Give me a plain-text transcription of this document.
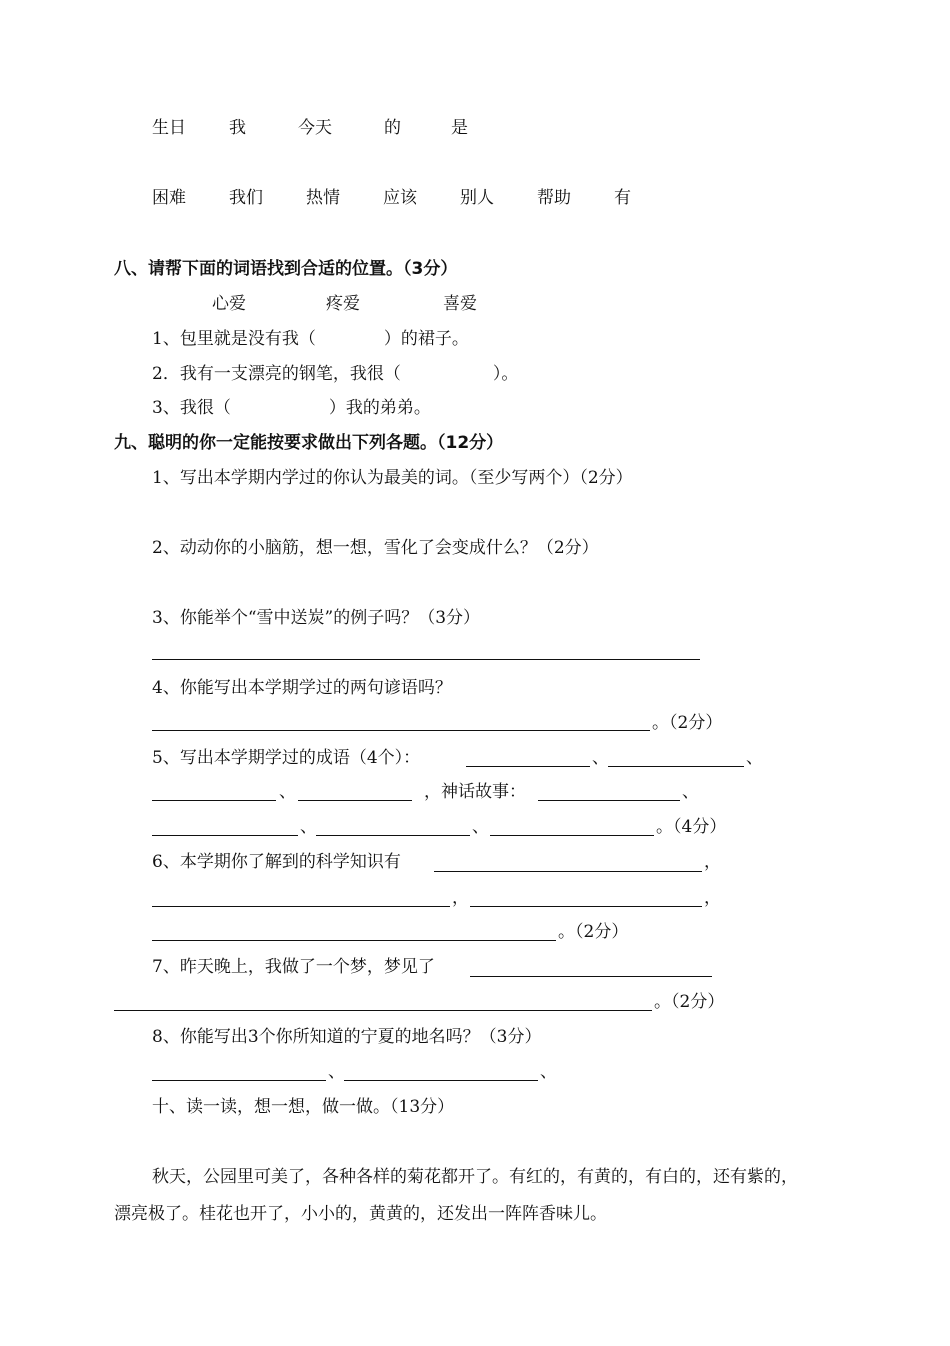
生日	我	今天	的	是
困难	我们	热情	应该	别人	帮助	有
八、请帮下面的词语找到合适的位置。（3分）
心爱	疼爱	喜爱
1、包里就是没有我（	）的裙子。
2．我有一支漂亮的钢笔，我很（	）。
3、我很（	）我的弟弟。
九、聪明的你一定能按要求做出下列各题。（12分）
1、写出本学期内学过的你认为最美的词。（至少写两个）（2分）
2、动动你的小脑筋，想一想，雪化了会变成什么？（2分）
3、你能举个“雪中送炭”的例子吗？（3分）
4、你能写出本学期学过的两句谚语吗？
。（2分）
5、写出本学期学过的成语（4个）：	、	、
、	，神话故事：	、
、	、	。（4分）
6、本学期你了解到的科学知识有	，
，	，
。（2分）
7、昨天晚上，我做了一个梦，梦见了
。（2分）
8、你能写出3个你所知道的宁夏的地名吗？（3分）
、	、
十、读一读，想一想，做一做。（13分）
秋天，公园里可美了，各种各样的菊花都开了。有红的，有黄的，有白的，还有紫的，
漂亮极了。桂花也开了，小小的，黄黄的，还发出一阵阵香味儿。
